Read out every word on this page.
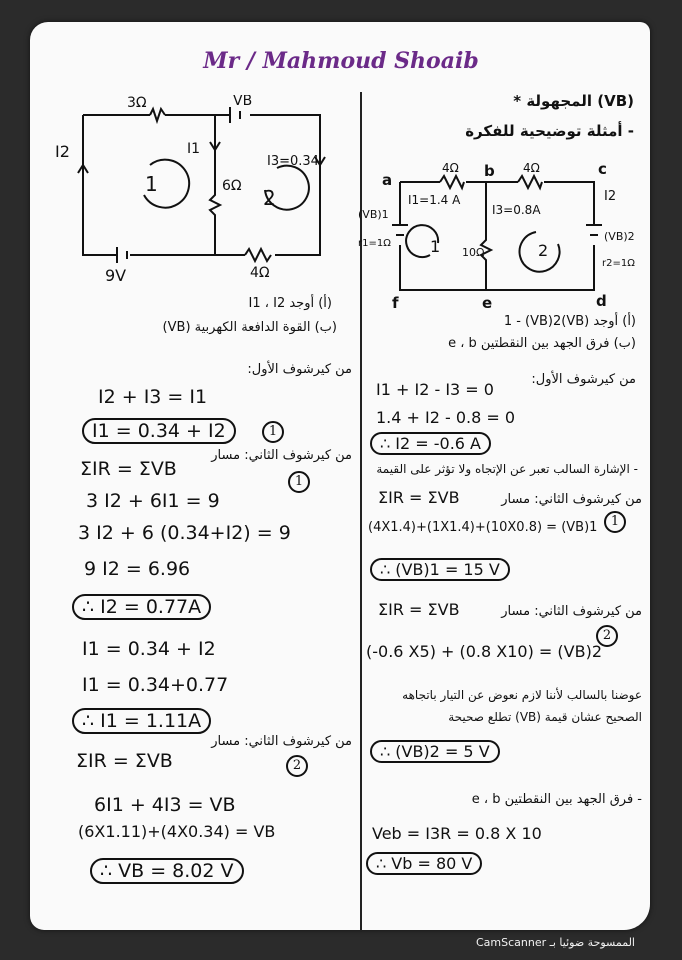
Mr / Mahmoud Shoaib
3Ω	VB
I1
6Ω
I3=0.34
I2
1
2
9V	4Ω
(VB) المجهولة *
- أمثلة توضيحية للفكرة
a	b	c
d
e
f
4Ω	4Ω
I1=1.4 A
I3=0.8A
I2
(VB)1
r1=1Ω
10Ω
(VB)2
r2=1Ω
1	2
(أ) أوجد I1 ، I2
(ب) القوة الدافعة الكهربية (VB)
من كيرشوف الأول:
I2 + I3 = I1
I1 = 0.34 + I2	1
من كيرشوف الثاني: مسار
1
ΣIR = ΣVB
3 I2 + 6I1 = 9
3 I2 + 6 (0.34+I2) = 9
9 I2 = 6.96
∴ I2 = 0.77A
I1 = 0.34 + I2
I1 = 0.34+0.77
∴ I1 = 1.11A
من كيرشوف الثاني: مسار
2
ΣIR = ΣVB
6I1 + 4I3 = VB
(6X1.11)+(4X0.34) = VB
∴ VB = 8.02 V
(أ) أوجد (VB)1 - (VB)2
(ب) فرق الجهد بين النقطتين e ، b
من كيرشوف الأول:
I1 + I2 - I3 = 0
1.4 + I2 - 0.8 = 0
∴ I2 = -0.6 A
- الإشارة السالب تعبر عن الإتجاه ولا تؤثر على القيمة
من كيرشوف الثاني: مسار
1
ΣIR = ΣVB
(4X1.4)+(1X1.4)+(10X0.8) = (VB)1
∴ (VB)1 = 15 V
من كيرشوف الثاني: مسار
2
ΣIR = ΣVB
(-0.6 X5) + (0.8 X10) = (VB)2
عوضنا بالسالب لأننا لازم نعوض عن التيار باتجاهه
الصحيح عشان قيمة (VB) تطلع صحيحة
∴ (VB)2 = 5 V
- فرق الجهد بين النقطتين e ، b
Veb = I3R = 0.8 X 10
∴ Vb = 80 V
CamScanner الممسوحة ضوئيا بـ
